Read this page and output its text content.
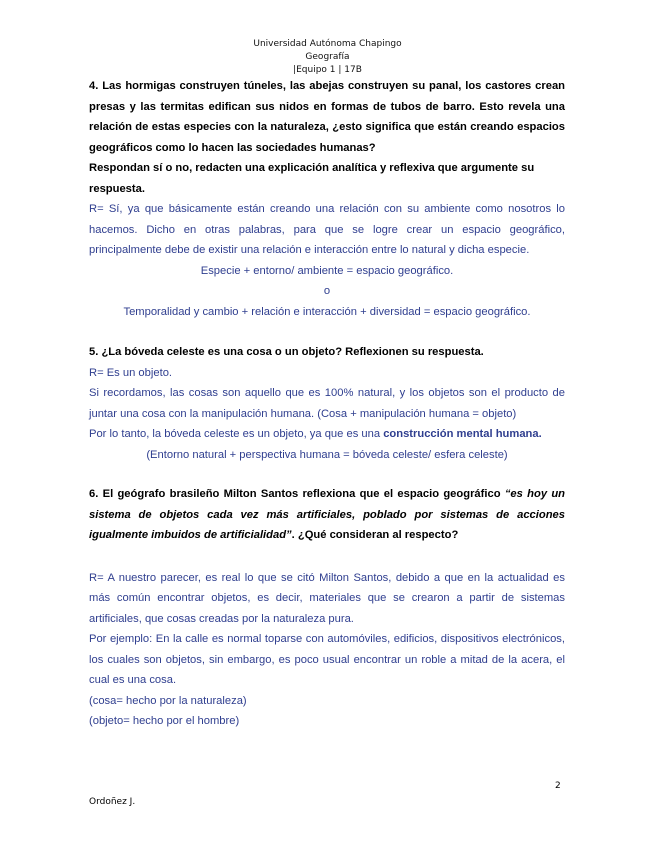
Universidad Autónoma Chapingo
Geografía
|Equipo 1 | 17B
4. Las hormigas construyen túneles, las abejas construyen su panal, los castores crean presas y las termitas edifican sus nidos en formas de tubos de barro. Esto revela una relación de estas especies con la naturaleza, ¿esto significa que están creando espacios geográficos como lo hacen las sociedades humanas?
Respondan sí o no, redacten una explicación analítica y reflexiva que argumente su respuesta.
R= Sí, ya que básicamente están creando una relación con su ambiente como nosotros lo hacemos. Dicho en otras palabras, para que se logre crear un espacio geográfico, principalmente debe de existir una relación e interacción entre lo natural y dicha especie.
Especie + entorno/ ambiente = espacio geográfico.
o
Temporalidad y cambio + relación e interacción + diversidad = espacio geográfico.
5. ¿La bóveda celeste es una cosa o un objeto? Reflexionen su respuesta.
R= Es un objeto.
Si recordamos, las cosas son aquello que es 100% natural, y los objetos son el producto de juntar una cosa con la manipulación humana. (Cosa + manipulación humana = objeto)
Por lo tanto, la bóveda celeste es un objeto, ya que es una construcción mental humana.
(Entorno natural + perspectiva humana = bóveda celeste/ esfera celeste)
6. El geógrafo brasileño Milton Santos reflexiona que el espacio geográfico “es hoy un sistema de objetos cada vez más artificiales, poblado por sistemas de acciones igualmente imbuidos de artificialidad”. ¿Qué consideran al respecto?
R= A nuestro parecer, es real lo que se citó Milton Santos, debido a que en la actualidad es más común encontrar objetos, es decir, materiales que se crearon a partir de sistemas artificiales, que cosas creadas por la naturaleza pura.
Por ejemplo: En la calle es normal toparse con automóviles, edificios, dispositivos electrónicos, los cuales son objetos, sin embargo, es poco usual encontrar un roble a mitad de la acera, el cual es una cosa.
(cosa= hecho por la naturaleza)
(objeto= hecho por el hombre)
2
Ordoñez J.
